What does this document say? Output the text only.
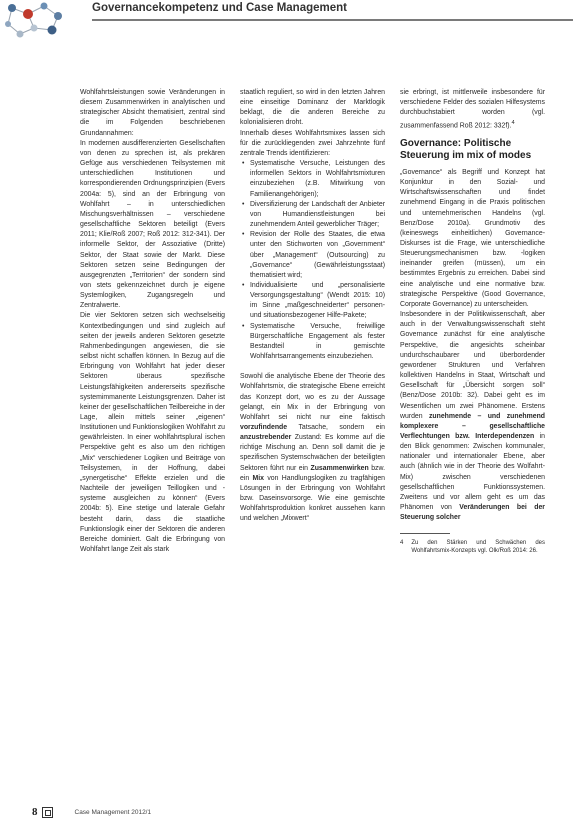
Governancekompetenz und Case Management

Wohlfahrtsleistungen sowie Veränderungen in diesem Zusammenwirken in analytischen und strategischer Absicht thematisiert, zentral sind die im Folgenden beschriebenen Grundannahmen:

In modernen ausdifferenzierten Gesellschaften von denen zu sprechen ist, als prekären Gefüge aus verschiedenen Teilsystemen mit unterschiedlichen Institutionen und korrespondierenden Ordnungsprinzipien (Evers 2004a: 5), sind an der Erbringung von Wohlfahrt – in unterschiedlichen Mischungsverhältnissen – verschiedene gesellschaftliche Sektoren beteiligt (Evers 2011; Klie/Roß 2007; Roß 2012: 312-341). Der informelle Sektor, der Assoziative (Dritte) Sektor, der Staat sowie der Markt. Diese Sektoren setzen seine Bedingungen der ausgegrenzten „Territorien“ der sondern sind von stets gekennzeichnet durch je eigene Systemlogiken, Zugangsregeln und Zentralwerte.

Die vier Sektoren setzen sich wechselseitig Kontextbedingungen und sind zugleich auf seiten der jeweils anderen Sektoren gesetzte Rahmenbedingungen angewiesen, die sie selbst nicht schaffen können. In Bezug auf die Erbringung von Wohlfahrt hat jeder dieser Sektoren überaus spezifische Leistungsfähigkeiten andererseits spezifische systemimmanente Leistungsgrenzen. Daher ist keiner der gesellschaftlichen Teilbereiche in der Lage, allein mittels seiner „eigenen“ Institutionen und Funktionslogiken Wohlfahrt zu gewährleisten. In einer wohlfahrtsplural ischen Perspektive geht es also um den richtigen „Mix“ verschiedener Logiken und Beiträge von Teilsystemen, in der Hoffnung, dabei „synergetische“ Effekte erzielen und die Nachteile der jeweiligen Teillogiken und -systeme ausgleichen zu können“ (Evers 2004b: 5). Eine stetige und laterale Gefahr besteht darin, dass die staatliche Funktionslogik einer der Sektoren die anderen Bereiche dominiert. Galt die Erbringung von Wohlfahrt lange Zeit als stark

staatlich reguliert, so wird in den letzten Jahren eine einseitige Dominanz der Marktlogik beklagt, die die anderen Bereiche zu kolonialisieren droht.

Innerhalb dieses Wohlfahrtsmixes lassen sich für die zurückliegenden zwei Jahrzehnte fünf zentrale Trends identifizieren:

• Systematische Versuche, Leistungen des informellen Sektors in Wohlfahrtsmixturen einzubeziehen (z.B. Mitwirkung von Familienangehörigen);
• Diversifizierung der Landschaft der Anbieter von Humandienstleistungen bei zunehmendem Anteil gewerblicher Träger;
• Revision der Rolle des Staates, die etwa unter den Stichworten von „Government“ über „Management“ (Outsourcing) zu „Governance“ (Gewährleistungsstaat) thematisiert wird;
• Individualisierte und „personalisierte Versorgungsgestaltung“ (Wendt 2015: 10) im Sinne „maßgeschneiderter“ personen- und situationsbezogener Hilfe-Pakete;
• Systematische Versuche, freiwillige Bürgerschaftliche Engagement als fester Bestandteil in gemischte Wohlfahrtsarrangements einzubeziehen.

Sowohl die analytische Ebene der Theorie des Wohlfahrtsmix, die strategische Ebene erreicht das Konzept dort, wo es zu der Aussage gelangt, ein Mix in der Erbringung von Wohlfahrt sei nicht nur eine faktisch vorzufindende Tatsache, sondern ein anzustrebender Zustand: Es komme auf die richtige Mischung an. Denn soll damit die je spezifischen Systemschwächen der beteiligten Sektoren führt nur ein Zusammenwirken bzw. ein Mix von Handlungslogiken zu tragfähigen Lösungen in der Erbringung von Wohlfahrt bzw. Daseinsvorsorge. Wie eine gemischte Wohlfahrtsproduktion konkret aussehen kann und welchen „Mixwert“

sie erbringt, ist mittlerweile insbesondere für verschiedene Felder des sozialen Hilfesystems durchbuchstabiert worden (vgl. zusammenfassend Roß 2012: 332f).$^4$

Governance: Politische Steuerung im mix of modes

„Governance“ als Begriff und Konzept hat Konjunktur in den Sozial- und Wirtschaftswissenschaften und findet zunehmend Eingang in die Praxis politischen und unternehmerischen Handelns (vgl. Benz/Dose 2010a). Grundmotiv des (keineswegs einheitlichen) Governance-Diskurses ist die Frage, wie unterschiedliche Steuerungsmechanismen bzw. -logiken ineinander greifen (müssen), um ein bestimmtes Ergebnis zu erreichen. Dabei sind eine analytische und eine normative bzw. strategische Perspektive (Good Governance, Corporate Governance) zu unterscheiden.

Insbesondere in der Politikwissenschaft, aber auch in der Verwaltungswissenschaft steht Governance zunächst für eine analytische Perspektive, die angesichts scheinbar undurchschaubarer und überbordender gewordener Strukturen und Verfahren kollektiven Handelns in Staat, Wirtschaft und Gesellschaft für „Übersicht sorgen soll“ (Benz/Dose 2010b: 32). Dabei geht es im Wesentlichen um zwei Phänomene. Erstens wurden zunehmende – und zunehmend komplexere – gesellschaftliche Verflechtungen bzw. Interdependenzen in den Blick genommen: Zwischen kommunaler, nationaler und internationaler Ebene, aber auch (ähnlich wie in der Theorie des Wolfahrt-Mix) zwischen verschiedenen gesellschaftlichen Funktionssystemen. Zweitens und vor allem geht es um das Phänomen von Veränderungen bei der Steuerung solcher

4 Zu den Stärken und Schwächen des Wohlfahrtsmix-Konzepts vgl. Olk/Roß 2014: 26.
8	Case Management 2012/1
